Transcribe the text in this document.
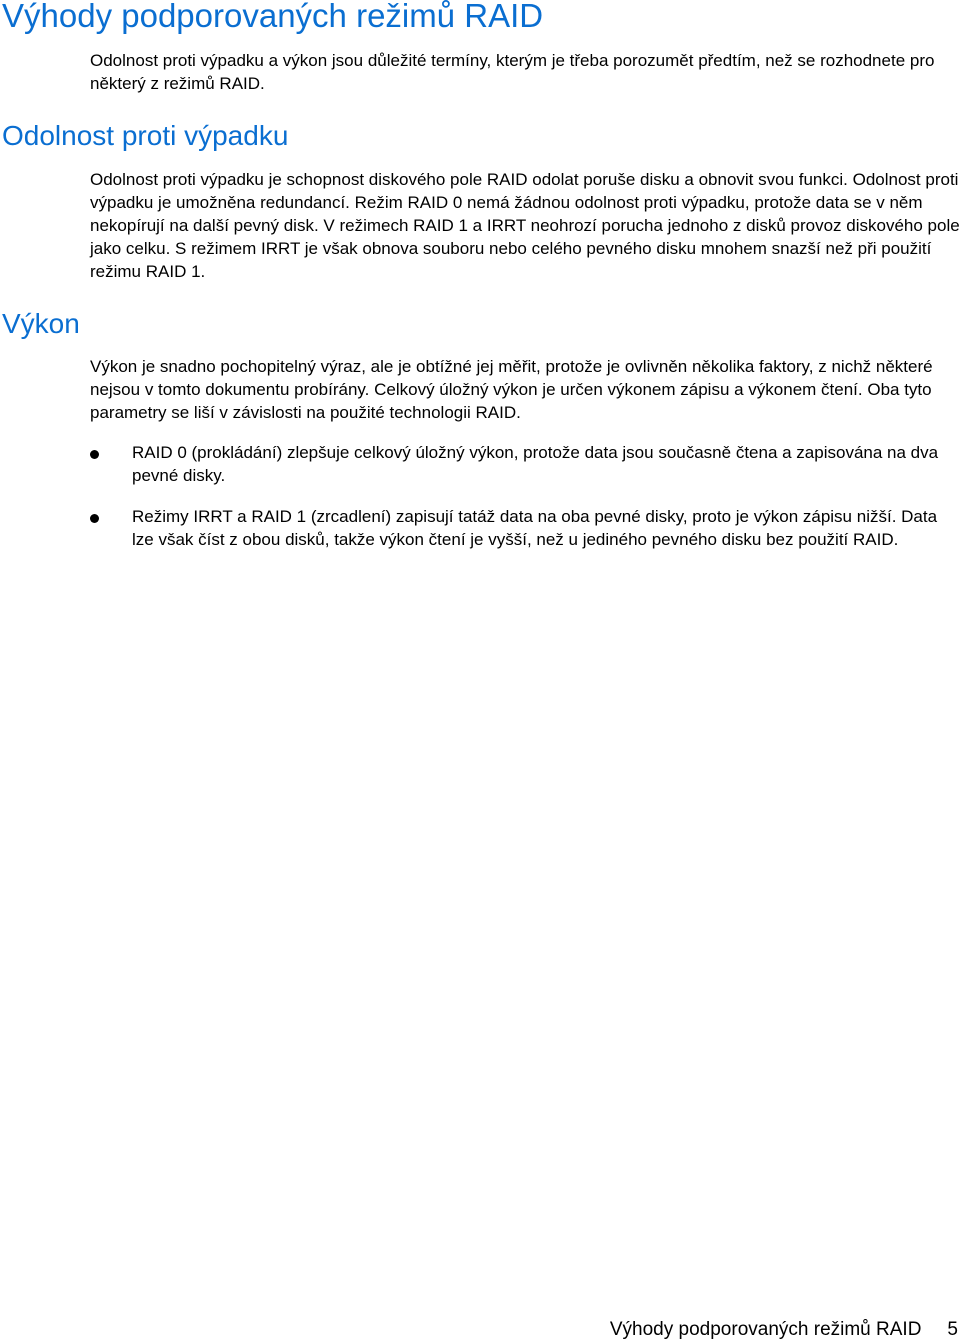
Výhody podporovaných režimů RAID

Odolnost proti výpadku a výkon jsou důležité termíny, kterým je třeba porozumět předtím, než se rozhodnete pro některý z režimů RAID.

Odolnost proti výpadku

Odolnost proti výpadku je schopnost diskového pole RAID odolat poruše disku a obnovit svou funkci. Odolnost proti výpadku je umožněna redundancí. Režim RAID 0 nemá žádnou odolnost proti výpadku, protože data se v něm nekopírují na další pevný disk. V režimech RAID 1 a IRRT neohrozí porucha jednoho z disků provoz diskového pole jako celku. S režimem IRRT je však obnova souboru nebo celého pevného disku mnohem snazší než při použití režimu RAID 1.

Výkon

Výkon je snadno pochopitelný výraz, ale je obtížné jej měřit, protože je ovlivněn několika faktory, z nichž některé nejsou v tomto dokumentu probírány. Celkový úložný výkon je určen výkonem zápisu a výkonem čtení. Oba tyto parametry se liší v závislosti na použité technologii RAID.

RAID 0 (prokládání) zlepšuje celkový úložný výkon, protože data jsou současně čtena a zapisována na dva pevné disky.
Režimy IRRT a RAID 1 (zrcadlení) zapisují tatáž data na oba pevné disky, proto je výkon zápisu nižší. Data lze však číst z obou disků, takže výkon čtení je vyšší, než u jediného pevného disku bez použití RAID.
Výhody podporovaných režimů RAID 5
